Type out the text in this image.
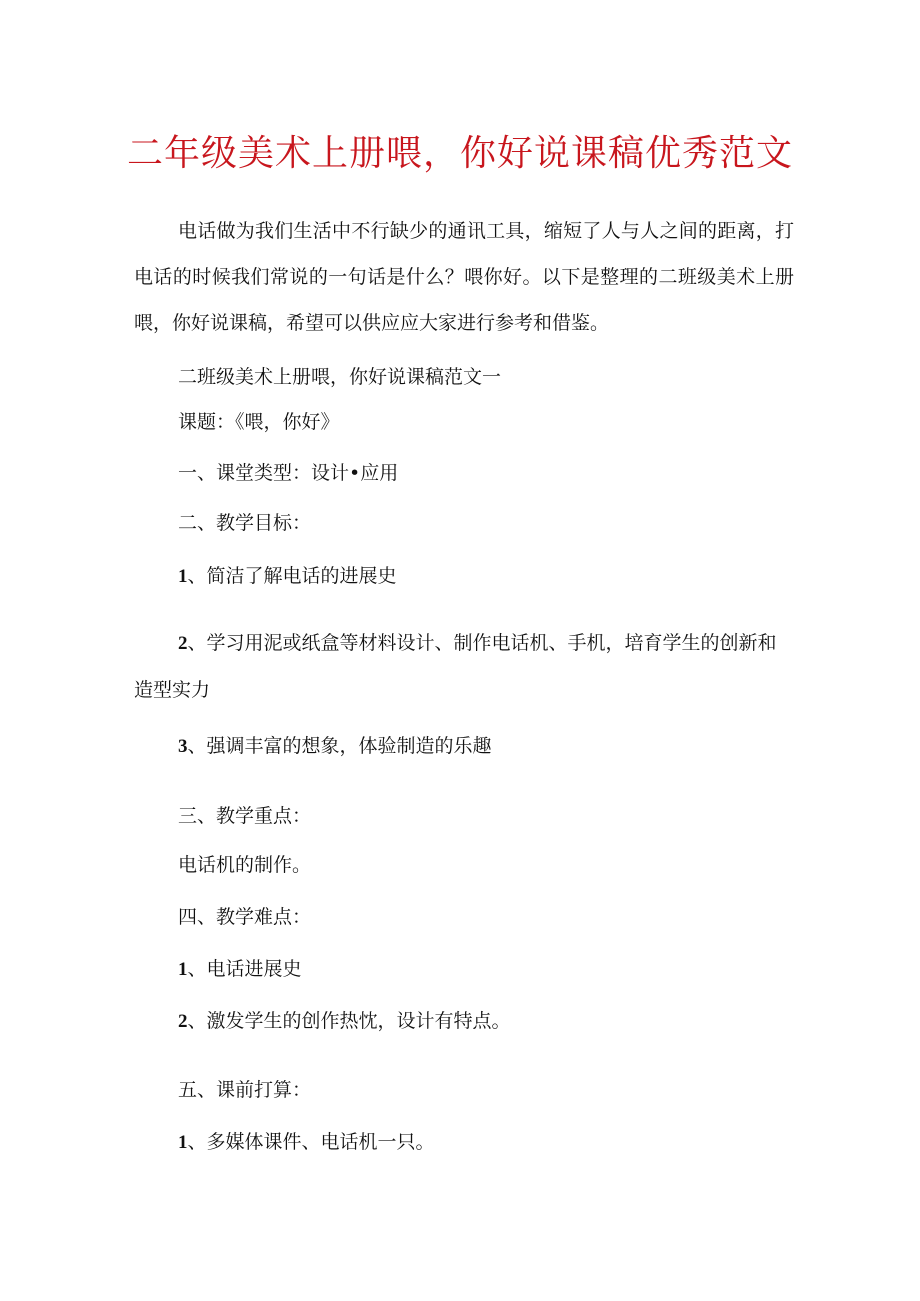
二年级美术上册喂，你好说课稿优秀范文

电话做为我们生活中不行缺少的通讯工具，缩短了人与人之间的距离，打电话的时候我们常说的一句话是什么？喂你好。以下是整理的二班级美术上册喂，你好说课稿，希望可以供应应大家进行参考和借鉴。

二班级美术上册喂，你好说课稿范文一

课题：《喂，你好》

一、课堂类型：设计•应用

二、教学目标：

1、简洁了解电话的进展史

2、学习用泥或纸盒等材料设计、制作电话机、手机，培育学生的创新和造型实力

3、强调丰富的想象，体验制造的乐趣

三、教学重点：

电话机的制作。

四、教学难点：

1、电话进展史

2、激发学生的创作热忱，设计有特点。

五、课前打算：

1、多媒体课件、电话机一只。
